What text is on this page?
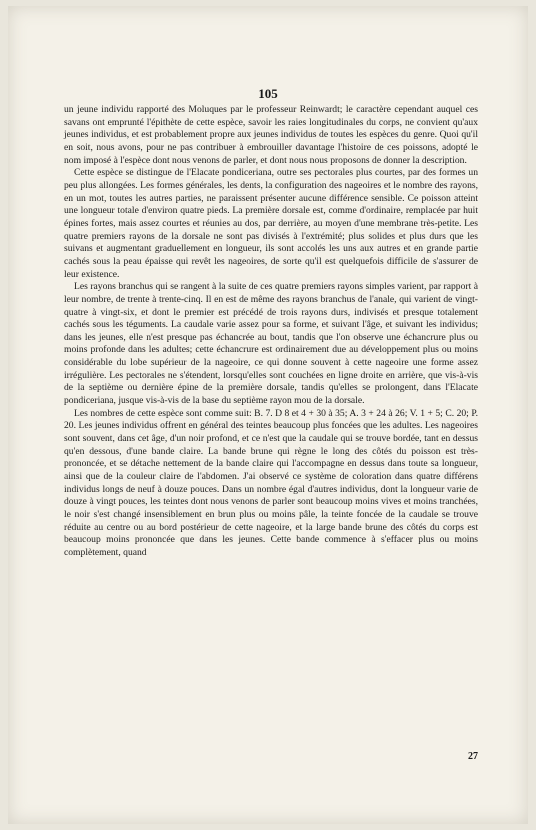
105

un jeune individu rapporté des Moluques par le professeur Reinwardt; le caractère cependant auquel ces savans ont emprunté l'épithète de cette espèce, savoir les raies longitudinales du corps, ne convient qu'aux jeunes individus, et est probablement propre aux jeunes individus de toutes les espèces du genre. Quoi qu'il en soit, nous avons, pour ne pas contribuer à embrouiller davantage l'histoire de ces poissons, adopté le nom imposé à l'espèce dont nous venons de parler, et dont nous nous proposons de donner la description.

Cette espèce se distingue de l'Elacate pondiceriana, outre ses pectorales plus courtes, par des formes un peu plus allongées. Les formes générales, les dents, la configuration des nageoires et le nombre des rayons, en un mot, toutes les autres parties, ne paraissent présenter aucune différence sensible. Ce poisson atteint une longueur totale d'environ quatre pieds. La première dorsale est, comme d'ordinaire, remplacée par huit épines fortes, mais assez courtes et réunies au dos, par derrière, au moyen d'une membrane très-petite. Les quatre premiers rayons de la dorsale ne sont pas divisés à l'extrémité; plus solides et plus durs que les suivans et augmentant graduellement en longueur, ils sont accolés les uns aux autres et en grande partie cachés sous la peau épaisse qui revêt les nageoires, de sorte qu'il est quelquefois difficile de s'assurer de leur existence.

Les rayons branchus qui se rangent à la suite de ces quatre premiers rayons simples varient, par rapport à leur nombre, de trente à trente-cinq. Il en est de même des rayons branchus de l'anale, qui varient de vingt-quatre à vingt-six, et dont le premier est précédé de trois rayons durs, indivisés et presque totalement cachés sous les téguments. La caudale varie assez pour sa forme, et suivant l'âge, et suivant les individus; dans les jeunes, elle n'est presque pas échancrée au bout, tandis que l'on observe une échancrure plus ou moins profonde dans les adultes; cette échancrure est ordinairement due au développement plus ou moins considérable du lobe supérieur de la nageoire, ce qui donne souvent à cette nageoire une forme assez irrégulière. Les pectorales ne s'étendent, lorsqu'elles sont couchées en ligne droite en arrière, que vis-à-vis de la septième ou dernière épine de la première dorsale, tandis qu'elles se prolongent, dans l'Elacate pondiceriana, jusque vis-à-vis de la base du septième rayon mou de la dorsale.

Les nombres de cette espèce sont comme suit: B. 7. D 8 et 4 + 30 à 35; A. 3 + 24 à 26; V. 1 + 5; C. 20; P. 20. Les jeunes individus offrent en général des teintes beaucoup plus foncées que les adultes. Les nageoires sont souvent, dans cet âge, d'un noir profond, et ce n'est que la caudale qui se trouve bordée, tant en dessus qu'en dessous, d'une bande claire. La bande brune qui règne le long des côtés du poisson est très-prononcée, et se détache nettement de la bande claire qui l'accompagne en dessus dans toute sa longueur, ainsi que de la couleur claire de l'abdomen. J'ai observé ce système de coloration dans quatre différens individus longs de neuf à douze pouces. Dans un nombre égal d'autres individus, dont la longueur varie de douze à vingt pouces, les teintes dont nous venons de parler sont beaucoup moins vives et moins tranchées, le noir s'est changé insensiblement en brun plus ou moins pâle, la teinte foncée de la caudale se trouve réduite au centre ou au bord postérieur de cette nageoire, et la large bande brune des côtés du corps est beaucoup moins prononcée que dans les jeunes. Cette bande commence à s'effacer plus ou moins complètement, quand

27
